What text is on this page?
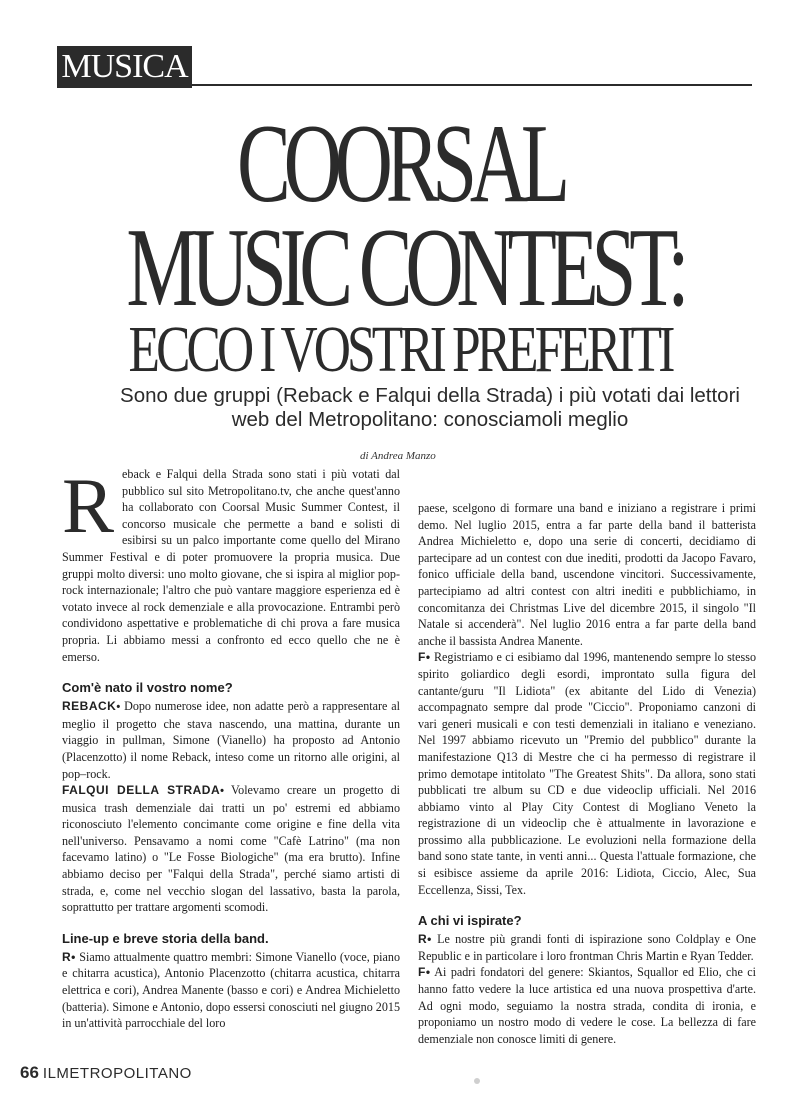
MUSICA
COORSAL
MUSIC CONTEST:
ECCO I VOSTRI PREFERITI
Sono due gruppi (Reback e Falqui della Strada) i più votati dai lettori web del Metropolitano: conosciamoli meglio
di Andrea Manzo

Reback e Falqui della Strada sono stati i più votati dal pubblico sul sito Metropolitano.tv, che anche quest'anno ha collaborato con Coorsal Music Summer Contest, il concorso musicale che permette a band e solisti di esibirsi su un palco importante come quello del Mirano Summer Festival e di poter promuovere la propria musica. Due gruppi molto diversi: uno molto giovane, che si ispira al miglior pop-rock internazionale; l'altro che può vantare maggiore esperienza ed è votato invece al rock demenziale e alla provocazione. Entrambi però condividono aspettative e problematiche di chi prova a fare musica propria. Li abbiamo messi a confronto ed ecco quello che ne è emerso.

Com'è nato il vostro nome?

REBACK• Dopo numerose idee, non adatte però a rappresentare al meglio il progetto che stava nascendo, una mattina, durante un viaggio in pullman, Simone (Vianello) ha proposto ad Antonio (Placenzotto) il nome Reback, inteso come un ritorno alle origini, al pop–rock.

FALQUI DELLA STRADA• Volevamo creare un progetto di musica trash demenziale dai tratti un po' estremi ed abbiamo riconosciuto l'elemento concimante come origine e fine della vita nell'universo. Pensavamo a nomi come "Cafè Latrino" (ma non facevamo latino) o "Le Fosse Biologiche" (ma era brutto). Infine abbiamo deciso per "Falqui della Strada", perché siamo artisti di strada, e, come nel vecchio slogan del lassativo, basta la parola, soprattutto per trattare argomenti scomodi.

Line-up e breve storia della band.

R• Siamo attualmente quattro membri: Simone Vianello (voce, piano e chitarra acustica), Antonio Placenzotto (chitarra acustica, chitarra elettrica e cori), Andrea Manente (basso e cori) e Andrea Michieletto (batteria). Simone e Antonio, dopo essersi conosciuti nel giugno 2015 in un'attività parrocchiale del loro

paese, scelgono di formare una band e iniziano a registrare i primi demo. Nel luglio 2015, entra a far parte della band il batterista Andrea Michieletto e, dopo una serie di concerti, decidiamo di partecipare ad un contest con due inediti, prodotti da Jacopo Favaro, fonico ufficiale della band, uscendone vincitori. Successivamente, partecipiamo ad altri contest con altri inediti e pubblichiamo, in concomitanza dei Christmas Live del dicembre 2015, il singolo "Il Natale si accenderà". Nel luglio 2016 entra a far parte della band anche il bassista Andrea Manente.

F• Registriamo e ci esibiamo dal 1996, mantenendo sempre lo stesso spirito goliardico degli esordi, improntato sulla figura del cantante/guru "Il Lidiota" (ex abitante del Lido di Venezia) accompagnato sempre dal prode "Ciccio". Proponiamo canzoni di vari generi musicali e con testi demenziali in italiano e veneziano. Nel 1997 abbiamo ricevuto un "Premio del pubblico" durante la manifestazione Q13 di Mestre che ci ha permesso di registrare il primo demotape intitolato "The Greatest Shits". Da allora, sono stati pubblicati tre album su CD e due videoclip ufficiali. Nel 2016 abbiamo vinto al Play City Contest di Mogliano Veneto la registrazione di un videoclip che è attualmente in lavorazione e prossimo alla pubblicazione. Le evoluzioni nella formazione della band sono state tante, in venti anni... Questa l'attuale formazione, che si esibisce assieme da aprile 2016: Lidiota, Ciccio, Alec, Sua Eccellenza, Sissi, Tex.

A chi vi ispirate?

R• Le nostre più grandi fonti di ispirazione sono Coldplay e One Republic e in particolare i loro frontman Chris Martin e Ryan Tedder.

F• Ai padri fondatori del genere: Skiantos, Squallor ed Elio, che ci hanno fatto vedere la luce artistica ed una nuova prospettiva d'arte. Ad ogni modo, seguiamo la nostra strada, condita di ironia, e proponiamo un nostro modo di vedere le cose. La bellezza di fare demenziale non conosce limiti di genere.

66 ILMETROPOLITANO
